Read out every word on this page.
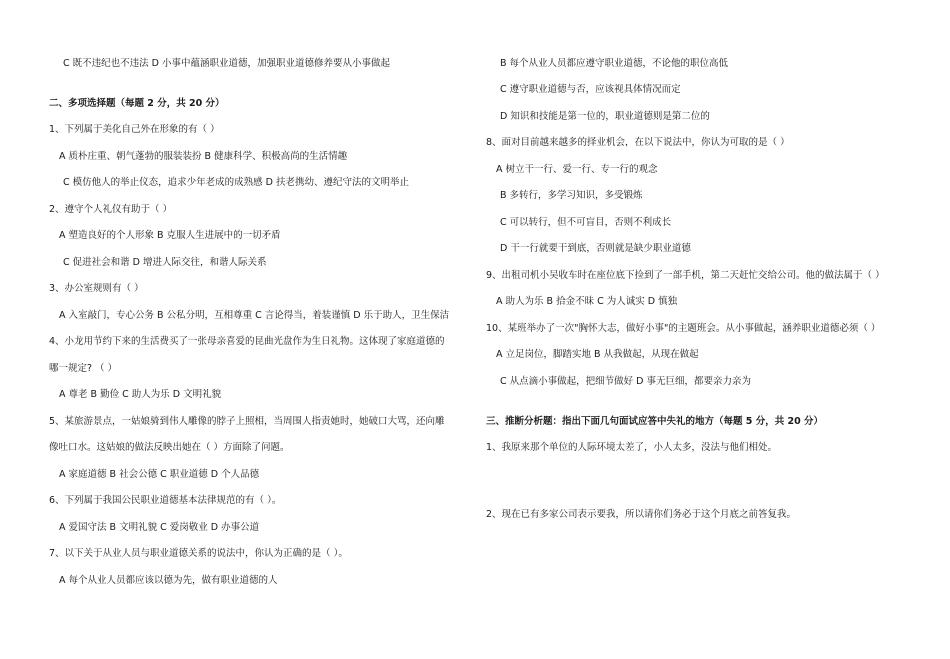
C 既不违纪也不违法 D 小事中蕴涵职业道德，加强职业道德修养要从小事做起
二、多项选择题（每题 2 分，共 20 分）
1、下列属于美化自己外在形象的有（ ）
A 质朴庄重、朝气蓬勃的服装装扮 B 健康科学、积极高尚的生活情趣
C 模仿他人的举止仪态，追求少年老成的成熟感 D 扶老携幼、遵纪守法的文明举止
2、遵守个人礼仪有助于（ ）
A 塑造良好的个人形象 B 克服人生进展中的一切矛盾
C 促进社会和谐 D 增进人际交往，和谐人际关系
3、办公室规则有（ ）
A 入室敲门，专心公务 B 公私分明，互相尊重 C 言论得当，着装谨慎 D 乐于助人，卫生保洁
4、小龙用节约下来的生活费买了一张母亲喜爱的昆曲光盘作为生日礼物。这体现了家庭道德的
哪一规定? （ ）
A 尊老 B 勤俭 C 助人为乐 D 文明礼貌
5、某旅游景点，一姑娘骑到伟人雕像的脖子上照相，当周围人指责她时，她破口大骂，还向雕
像吐口水。这姑娘的做法反映出她在（ ）方面除了问题。
A 家庭道德 B 社会公德 C 职业道德 D 个人品德
6、下列属于我国公民职业道德基本法律规范的有（ ）。
A 爱国守法 B 文明礼貌 C 爱岗敬业 D 办事公道
7、以下关于从业人员与职业道德关系的说法中，你认为正确的是（ ）。
A 每个从业人员都应该以德为先，做有职业道德的人
B 每个从业人员都应遵守职业道德，不论他的职位高低
C 遵守职业道德与否，应该视具体情况而定
D 知识和技能是第一位的，职业道德则是第二位的
8、面对目前越来越多的择业机会，在以下说法中，你认为可取的是（ ）
A 树立干一行、爱一行、专一行的观念
B 多转行，多学习知识，多受锻炼
C 可以转行，但不可盲目，否则不利成长
D 干一行就要干到底，否则就是缺少职业道德
9、出租司机小吴收车时在座位底下捡到了一部手机，第二天赶忙交给公司。他的做法属于（ ）
A 助人为乐 B 拾金不昧 C 为人诚实 D 慎独
10、某班举办了一次"胸怀大志，做好小事"的主题班会。从小事做起，涵养职业道德必须（ ）
A 立足岗位，脚踏实地 B 从我做起，从现在做起
C 从点滴小事做起，把细节做好 D 事无巨细，都要亲力亲为
三、推断分析题：指出下面几句面试应答中失礼的地方（每题 5 分，共 20 分）
1、我原来那个单位的人际环境太差了，小人太多，没法与他们相处。
2、现在已有多家公司表示要我，所以请你们务必于这个月底之前答复我。
